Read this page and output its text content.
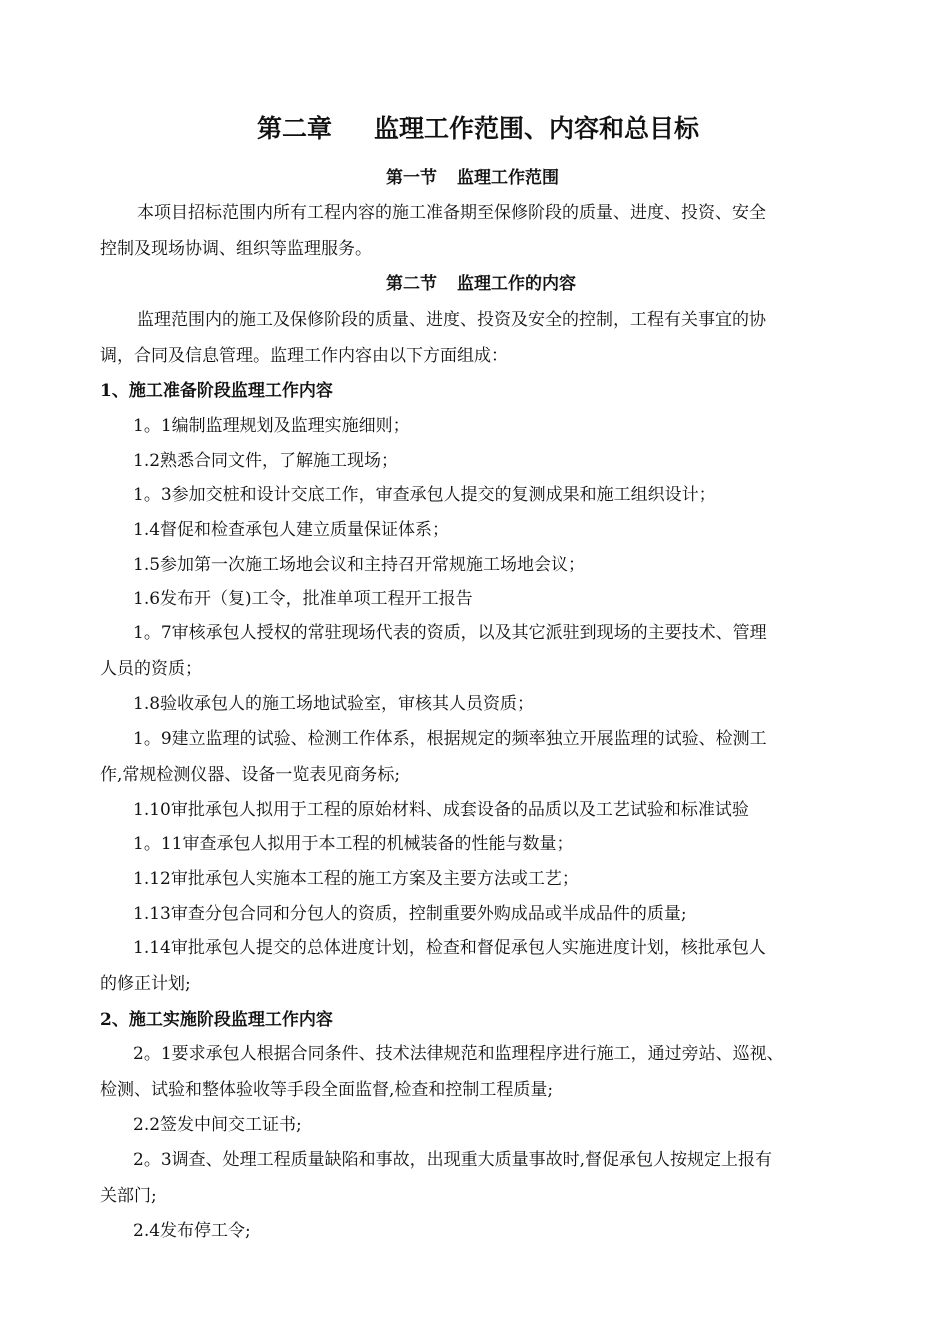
第二章 监理工作范围、内容和总目标
第一节 监理工作范围
本项目招标范围内所有工程内容的施工准备期至保修阶段的质量、进度、投资、安全
控制及现场协调、组织等监理服务。
第二节 监理工作的内容
监理范围内的施工及保修阶段的质量、进度、投资及安全的控制，工程有关事宜的协
调，合同及信息管理。监理工作内容由以下方面组成：
1、施工准备阶段监理工作内容
1。1编制监理规划及监理实施细则；
1.2熟悉合同文件，了解施工现场；
1。3参加交桩和设计交底工作，审查承包人提交的复测成果和施工组织设计；
1.4督促和检查承包人建立质量保证体系；
1.5参加第一次施工场地会议和主持召开常规施工场地会议；
1.6发布开（复)工令，批准单项工程开工报告
1。7审核承包人授权的常驻现场代表的资质，以及其它派驻到现场的主要技术、管理
人员的资质；
1.8验收承包人的施工场地试验室，审核其人员资质；
1。9建立监理的试验、检测工作体系，根据规定的频率独立开展监理的试验、检测工
作,常规检测仪器、设备一览表见商务标;
1.10审批承包人拟用于工程的原始材料、成套设备的品质以及工艺试验和标准试验
1。11审查承包人拟用于本工程的机械装备的性能与数量；
1.12审批承包人实施本工程的施工方案及主要方法或工艺；
1.13审查分包合同和分包人的资质，控制重要外购成品或半成品件的质量;
1.14审批承包人提交的总体进度计划，检查和督促承包人实施进度计划，核批承包人
的修正计划;
2、施工实施阶段监理工作内容
2。1要求承包人根据合同条件、技术法律规范和监理程序进行施工，通过旁站、巡视、
检测、试验和整体验收等手段全面监督,检查和控制工程质量;
2.2签发中间交工证书;
2。3调查、处理工程质量缺陷和事故，出现重大质量事故时,督促承包人按规定上报有
关部门;
2.4发布停工令;
